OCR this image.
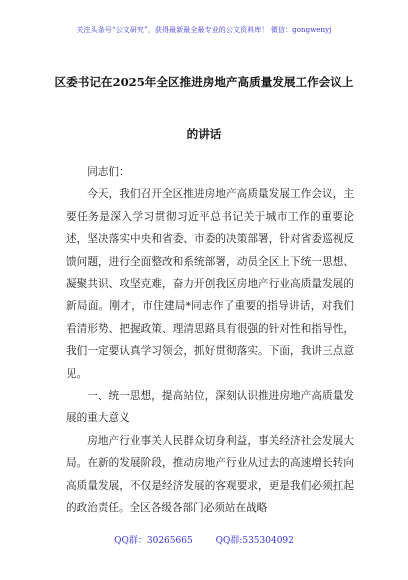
关注头条号“公文研究”，获得最新最全最专业的公文资料库！ 微信：gongwenyj
区委书记在2025年全区推进房地产高质量发展工作会议上
的讲话

同志们：

今天，我们召开全区推进房地产高质量发展工作会议，主要任务是深入学习贯彻习近平总书记关于城市工作的重要论述，坚决落实中央和省委、市委的决策部署，针对省委巡视反馈问题，进行全面整改和系统部署，动员全区上下统一思想、凝聚共识、攻坚克难，奋力开创我区房地产行业高质量发展的新局面。刚才，市住建局*同志作了重要的指导讲话，对我们看清形势、把握政策、理清思路具有很强的针对性和指导性，我们一定要认真学习领会，抓好贯彻落实。下面，我讲三点意见。

一、统一思想，提高站位，深刻认识推进房地产高质量发展的重大意义

房地产行业事关人民群众切身利益，事关经济社会发展大局。在新的发展阶段，推动房地产行业从过去的高速增长转向高质量发展，不仅是经济发展的客观要求，更是我们必须扛起的政治责任。全区各级各部门必须站在战略

QQ群：30265665	QQ群:535304092
